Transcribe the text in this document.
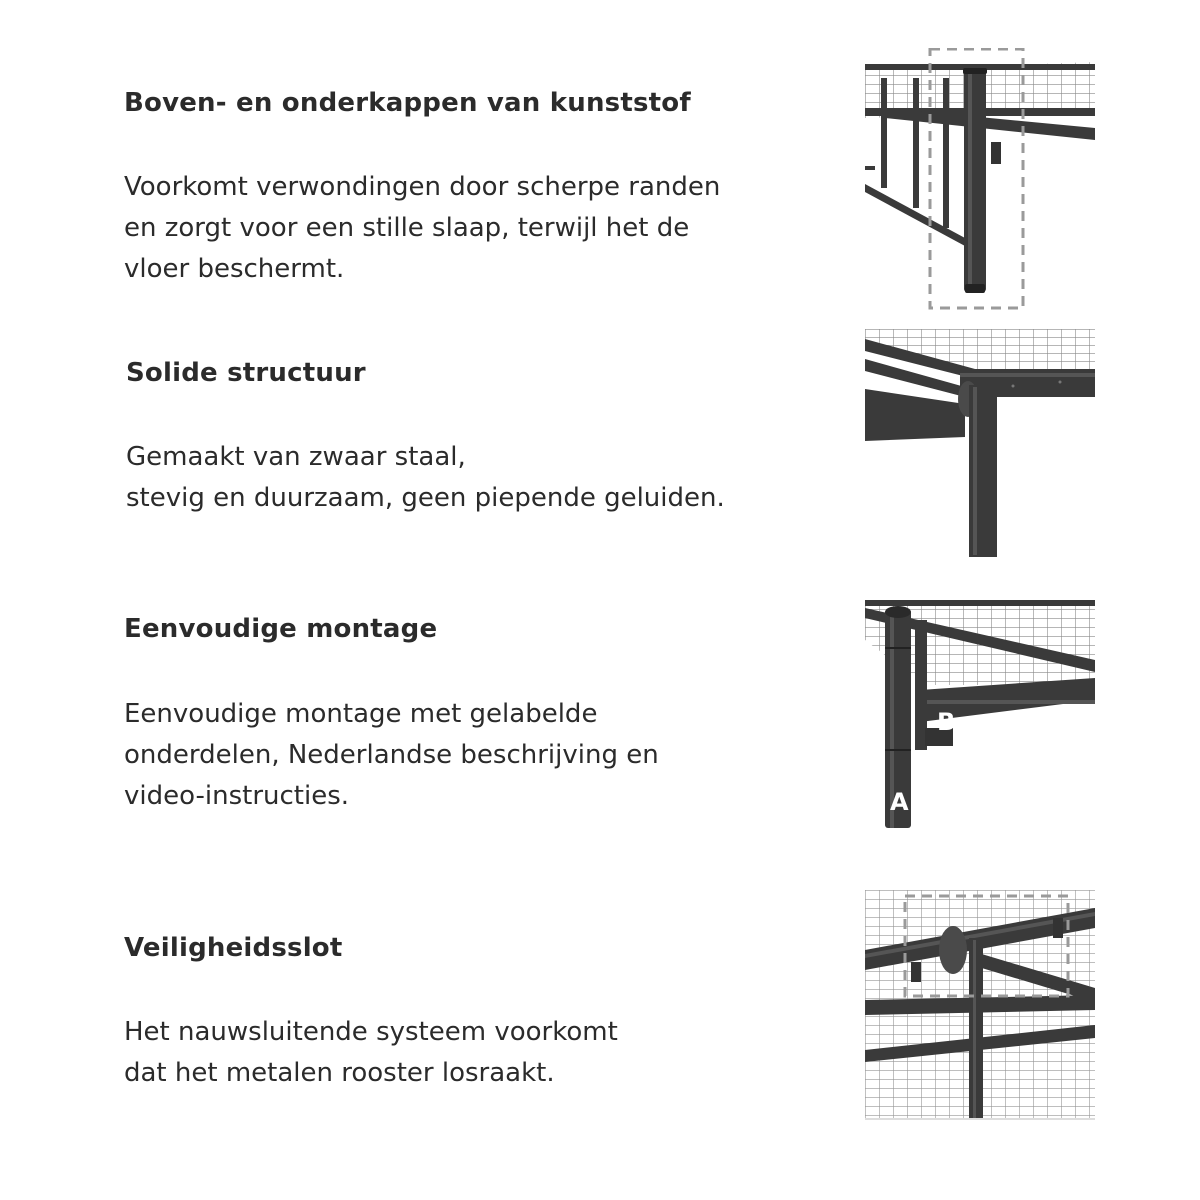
Boven- en onderkappen van kunststof

Voorkomt verwondingen door scherpe randen
en zorgt voor een stille slaap, terwijl het de
vloer beschermt.

Solide structuur

Gemaakt van zwaar staal,
stevig en duurzaam, geen piepende geluiden.

Eenvoudige montage

Eenvoudige montage met gelabelde
onderdelen, Nederlandse beschrijving en
video-instructies.

B
A
Veiligheidsslot

Het nauwsluitende systeem voorkomt
dat het metalen rooster losraakt.
